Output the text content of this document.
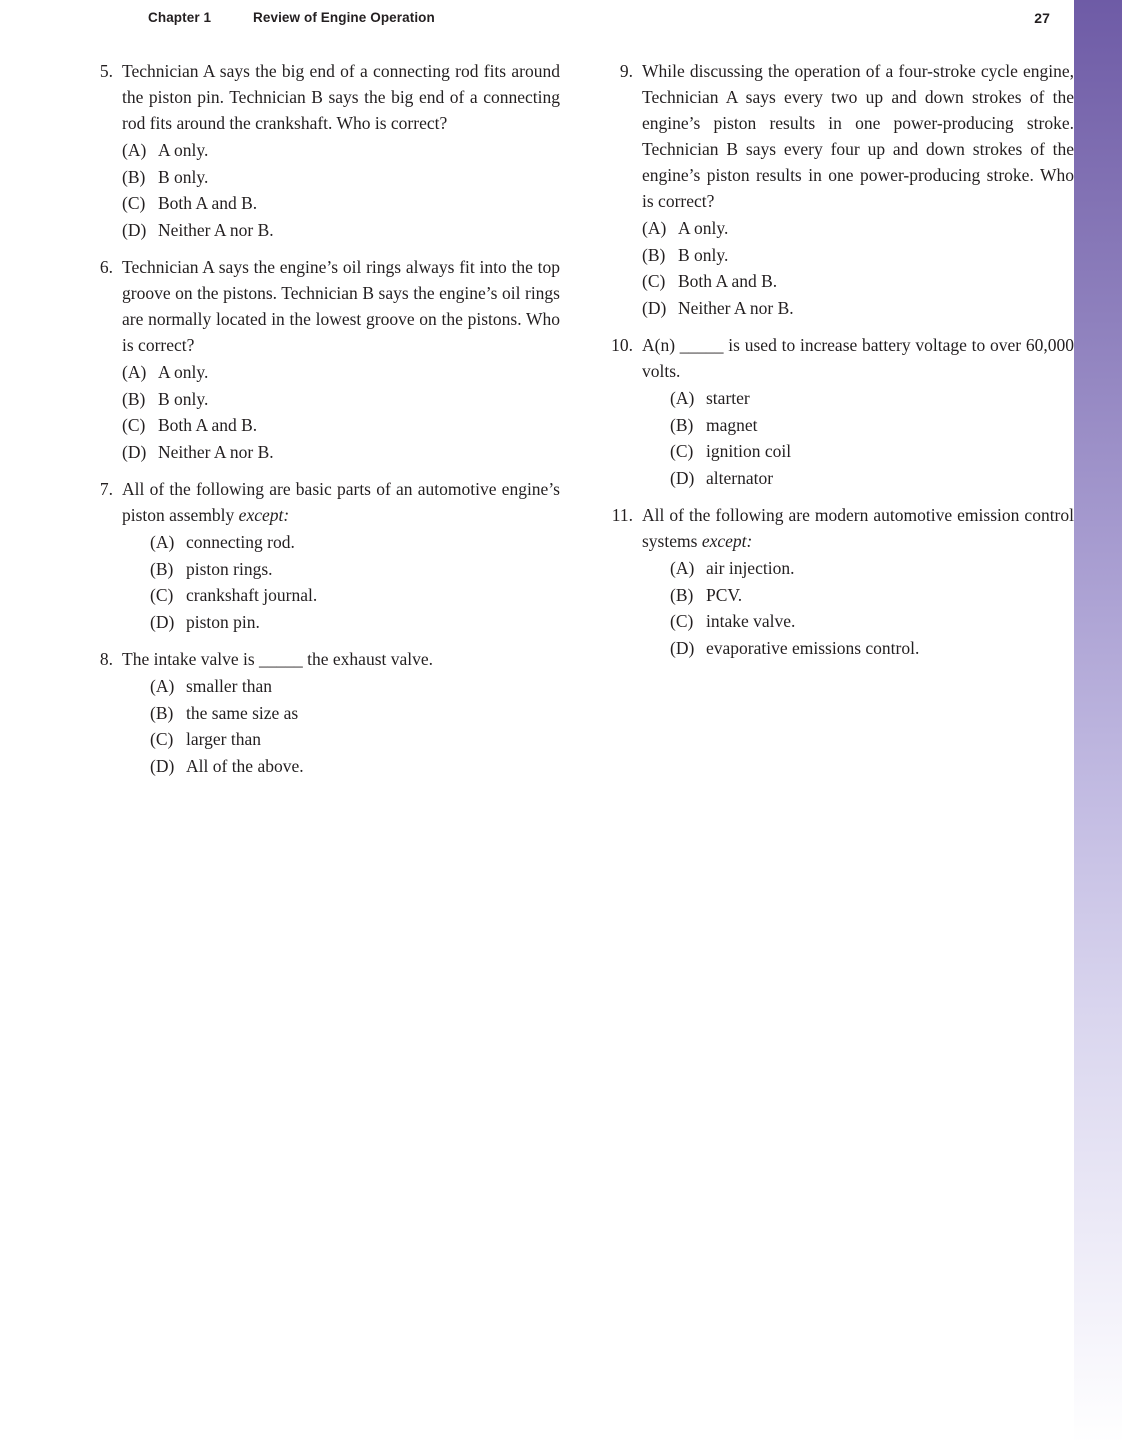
Chapter 1	Review of Engine Operation	27
5. Technician A says the big end of a connecting rod fits around the piston pin. Technician B says the big end of a connecting rod fits around the crankshaft. Who is correct?

(A) A only.
(B) B only.
(C) Both A and B.
(D) Neither A nor B.
6. Technician A says the engine’s oil rings always fit into the top groove on the pistons. Technician B says the engine’s oil rings are normally located in the lowest groove on the pistons. Who is correct?

(A) A only.
(B) B only.
(C) Both A and B.
(D) Neither A nor B.
7. All of the following are basic parts of an automotive engine’s piston assembly except:

(A) connecting rod.
(B) piston rings.
(C) crankshaft journal.
(D) piston pin.
8. The intake valve is _____ the exhaust valve.

(A) smaller than
(B) the same size as
(C) larger than
(D) All of the above.
9. While discussing the operation of a four-stroke cycle engine, Technician A says every two up and down strokes of the engine’s piston results in one power-producing stroke. Technician B says every four up and down strokes of the engine’s piston results in one power-producing stroke. Who is correct?

(A) A only.
(B) B only.
(C) Both A and B.
(D) Neither A nor B.
10. A(n) _____ is used to increase battery voltage to over 60,000 volts.

(A) starter
(B) magnet
(C) ignition coil
(D) alternator
11. All of the following are modern automotive emission control systems except:

(A) air injection.
(B) PCV.
(C) intake valve.
(D) evaporative emissions control.
